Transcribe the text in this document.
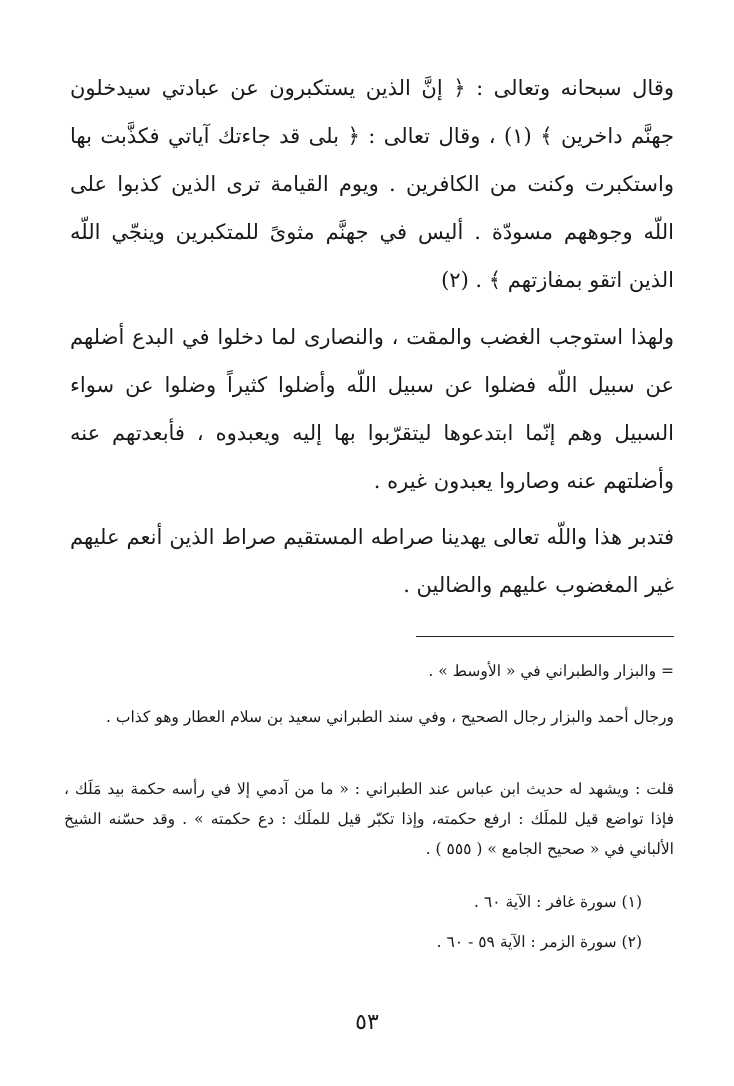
وقال سبحانه وتعالى : ﴿ إنَّ الذين يستكبرون عن عبادتي سيدخلون جهنَّم داخرين ﴾ (١) ، وقال تعالى : ﴿ بلى قد جاءتك آياتي فكذَّبت بها واستكبرت وكنت من الكافرين . ويوم القيامة ترى الذين كذبوا على اللّه وجوههم مسودّة . أليس في جهنَّم مثوىً للمتكبرين وينجّي اللّه الذين اتقو بمفازتهم ﴾ . (٢)

ولهذا استوجب الغضب والمقت ، والنصارى لما دخلوا في البدع أضلهم عن سبيل اللّه فضلوا عن سبيل اللّه وأضلوا كثيراً وضلوا عن سواء السبيل وهم إنّما ابتدعوها ليتقرّبوا بها إليه ويعبدوه ، فأبعدتهم عنه وأضلتهم عنه وصاروا يعبدون غيره .

فتدبر هذا واللّه تعالى يهدينا صراطه المستقيم صراط الذين أنعم عليهم غير المغضوب عليهم والضالين .

= والبزار والطبراني في « الأوسط » .

ورجال أحمد والبزار رجال الصحيح ، وفي سند الطبراني سعيد بن سلام العطار وهو كذاب .

قلت : ويشهد له حديث ابن عباس عند الطبراني : « ما من آدمي إلا في رأسه حكمة بيد مَلَك ، فإذا تواضع قيل للملَك : ارفع حكمته، وإذا تكبّر قيل للملَك : دع حكمته » . وقد حسّنه الشيخ الألباني في « صحيح الجامع » ( ٥٥٥ ) .

(١) سورة غافر : الآية ٦٠ .

(٢) سورة الزمر : الآية ٥٩ - ٦٠ .

٥٣
